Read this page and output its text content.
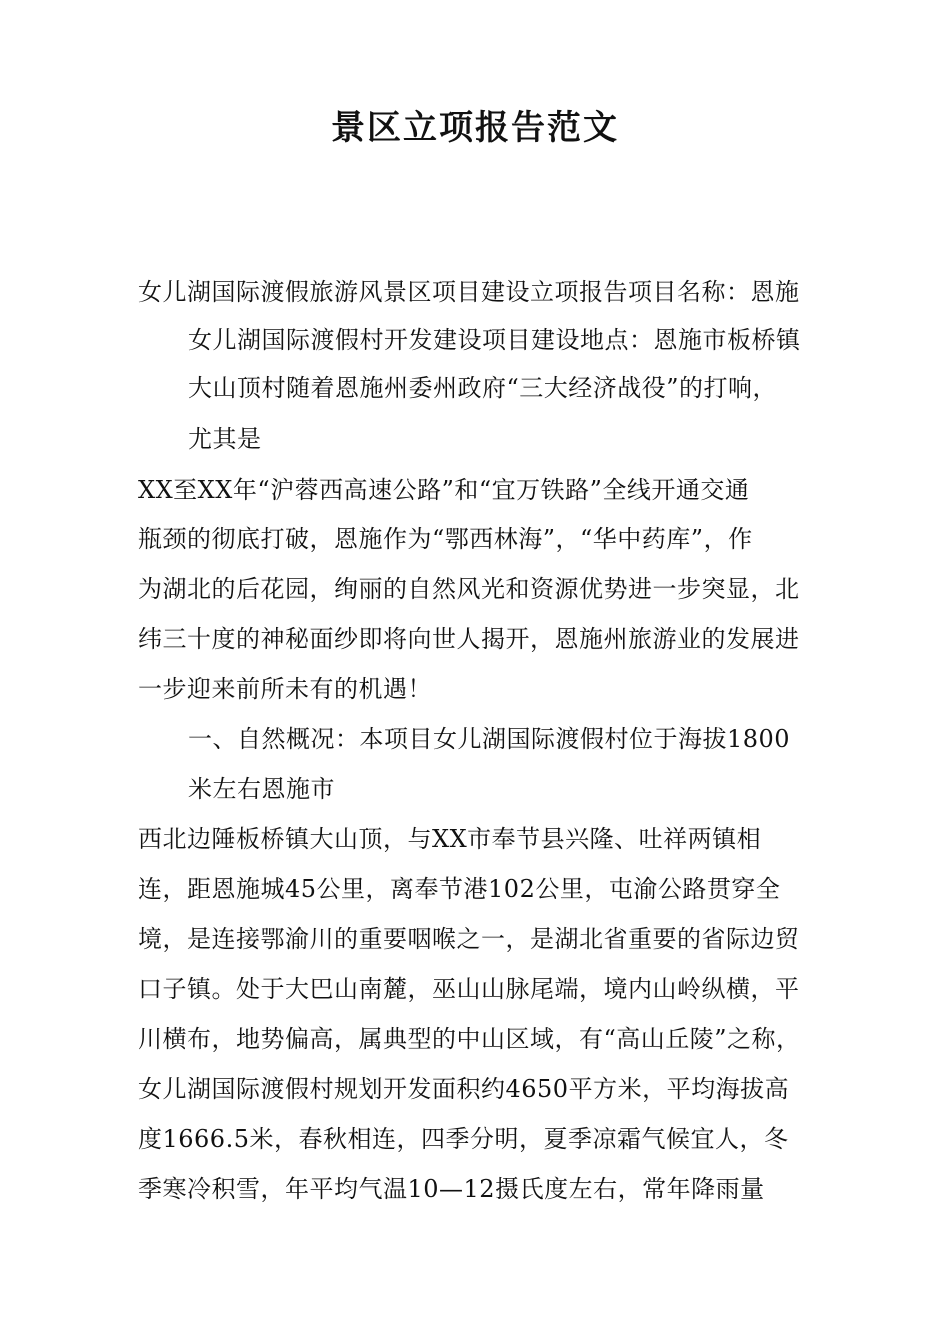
景区立项报告范文
女儿湖国际渡假旅游风景区项目建设立项报告项目名称：恩施
女儿湖国际渡假村开发建设项目建设地点：恩施市板桥镇
大山顶村随着恩施州委州政府“三大经济战役”的打响，
尤其是
XX至XX年“沪蓉西高速公路”和“宜万铁路”全线开通交通
瓶颈的彻底打破，恩施作为“鄂西林海”，“华中药库”，作
为湖北的后花园，绚丽的自然风光和资源优势进一步突显，北
纬三十度的神秘面纱即将向世人揭开，恩施州旅游业的发展进
一步迎来前所未有的机遇！
一、自然概况：本项目女儿湖国际渡假村位于海拔1800
米左右恩施市
西北边陲板桥镇大山顶，与XX市奉节县兴隆、吐祥两镇相
连，距恩施城45公里，离奉节港102公里，屯渝公路贯穿全
境，是连接鄂渝川的重要咽喉之一，是湖北省重要的省际边贸
口子镇。处于大巴山南麓，巫山山脉尾端，境内山岭纵横，平
川横布，地势偏高，属典型的中山区域，有“高山丘陵”之称，
女儿湖国际渡假村规划开发面积约4650平方米，平均海拔高
度1666.5米，春秋相连，四季分明，夏季凉霜气候宜人，冬
季寒冷积雪，年平均气温10—12摄氏度左右，常年降雨量
